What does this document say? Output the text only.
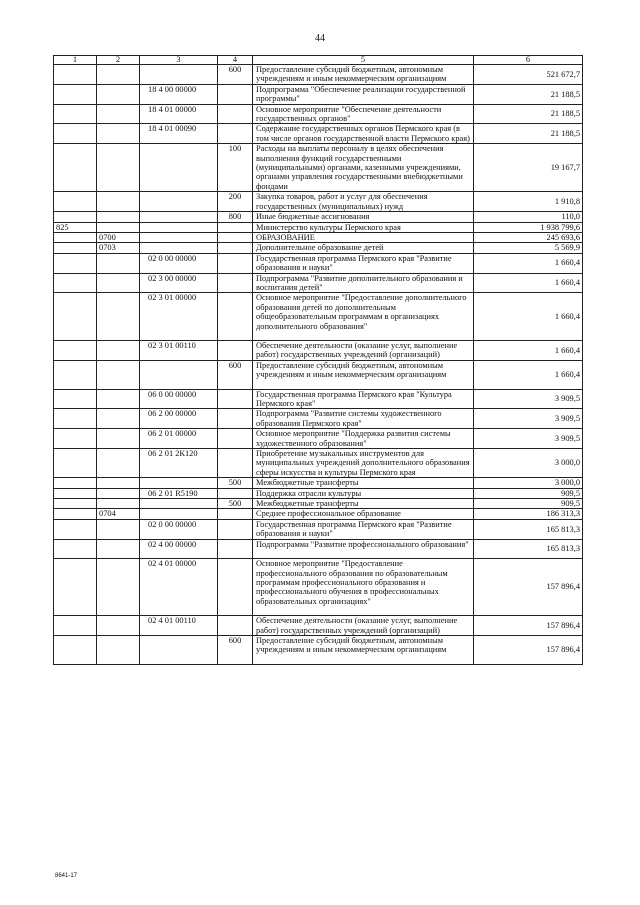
44
1	2	3	4	5	6
			600	Предоставление субсидий бюджетным, автономным учреждениям и иным некоммерческим организациям	521 672,7
		18 4 00 00000		Подпрограмма "Обеспечение реализации государственной программы"	21 188,5
		18 4 01 00000		Основное мероприятие "Обеспечение деятельности государственных органов"	21 188,5
		18 4 01 00090		Содержание государственных органов Пермского края (в том числе органов государственной власти Пермского края)	21 188,5
			100	Расходы на выплаты персоналу в целях обеспечения выполнения функций государственными (муниципальными) органами, казенными учреждениями, органами управления государственными внебюджетными фондами	19 167,7
			200	Закупка товаров, работ и услуг для обеспечения государственных (муниципальных) нужд	1 910,8
			800	Иные бюджетные ассигнования	110,0
825				Министерство культуры Пермского края	1 938 799,6
	0700			ОБРАЗОВАНИЕ	245 693,6
	0703			Дополнительное образование детей	5 569,9
		02 0 00 00000		Государственная программа Пермского края "Развитие образования и науки"	1 660,4
		02 3 00 00000		Подпрограмма "Развитие дополнительного образования и воспитания детей"	1 660,4
		02 3 01 00000		Основное мероприятие "Предоставление дополнительного образования детей по дополнительным общеобразовательным программам в организациях дополнительного образования"	1 660,4
		02 3 01 00110		Обеспечение деятельности (оказание услуг, выполнение работ) государственных учреждений (организаций)	1 660,4
			600	Предоставление субсидий бюджетным, автономным учреждениям и иным некоммерческим организациям	1 660,4
		06 0 00 00000		Государственная программа Пермского края "Культура Пермского края"	3 909,5
		06 2 00 00000		Подпрограмма "Развитие системы художественного образования Пермского края"	3 909,5
		06 2 01 00000		Основное мероприятие "Поддержка развития системы художественного образования"	3 909,5
		06 2 01 2К120		Приобретение музыкальных инструментов для муниципальных учреждений дополнительного образования сферы искусства и культуры Пермского края	3 000,0
			500	Межбюджетные трансферты	3 000,0
		06 2 01 R5190		Поддержка отрасли культуры	909,5
			500	Межбюджетные трансферты	909,5
	0704			Среднее профессиональное образование	186 313,3
		02 0 00 00000		Государственная программа Пермского края "Развитие образования и науки"	165 813,3
		02 4 00 00000		Подпрограмма "Развитие профессионального образования"	165 813,3
		02 4 01 00000		Основное мероприятие "Предоставление профессионального образования по образовательным программам профессионального образования и профессионального обучения в профессиональных образовательных организациях"	157 896,4
		02 4 01 00110		Обеспечение деятельности (оказание услуг, выполнение работ) государственных учреждений (организаций)	157 896,4
			600	Предоставление субсидий бюджетным, автономным учреждениям и иным некоммерческим организациям	157 896,4
8641-17
